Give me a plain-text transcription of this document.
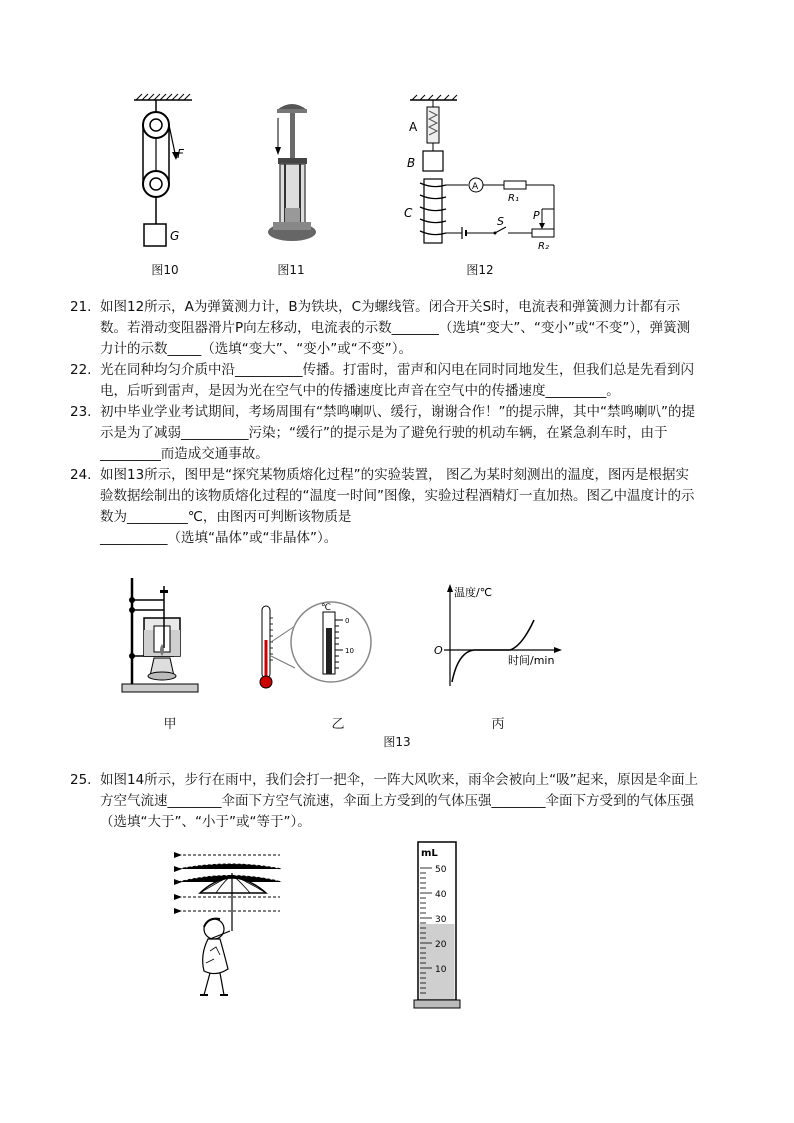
F
G
图10	图11
A
B
C
A
R₁
S	P
R₂
图12
21. 如图12所示，A为弹簧测力计，B为铁块，C为螺线管。闭合开关S时，电流表和弹簧测力计都有示数。若滑动变阻器滑片P向左移动，电流表的示数_______（选填“变大”、“变小”或“不变”），弹簧测力计的示数_____（选填“变大”、“变小”或“不变”）。
22. 光在同种均匀介质中沿__________传播。打雷时，雷声和闪电在同时同地发生，但我们总是先看到闪电，后听到雷声，是因为光在空气中的传播速度比声音在空气中的传播速度_________。
23. 初中毕业学业考试期间，考场周围有“禁鸣喇叭、缓行，谢谢合作！”的提示牌，其中“禁鸣喇叭”的提示是为了减弱__________污染；“缓行”的提示是为了避免行驶的机动车辆，在紧急刹车时，由于_________而造成交通事故。
24. 如图13所示，图甲是“探究某物质熔化过程”的实验装置， 图乙为某时刻测出的温度，图丙是根据实验数据绘制出的该物质熔化过程的“温度一时间”图像，实验过程酒精灯一直加热。图乙中温度计的示数为_________℃，由图丙可判断该物质是
__________（选填“晶体”或“非晶体”）。
甲
℃
0
10
乙
温度/℃
时间/min
O
丙
图13
25. 如图14所示，步行在雨中，我们会打一把伞，一阵大风吹来，雨伞会被向上“吸”起来，原因是伞面上方空气流速________伞面下方空气流速，伞面上方受到的气体压强________伞面下方受到的气体压强（选填“大于”、“小于”或“等于”）。
mL
50
40
30
20
10
